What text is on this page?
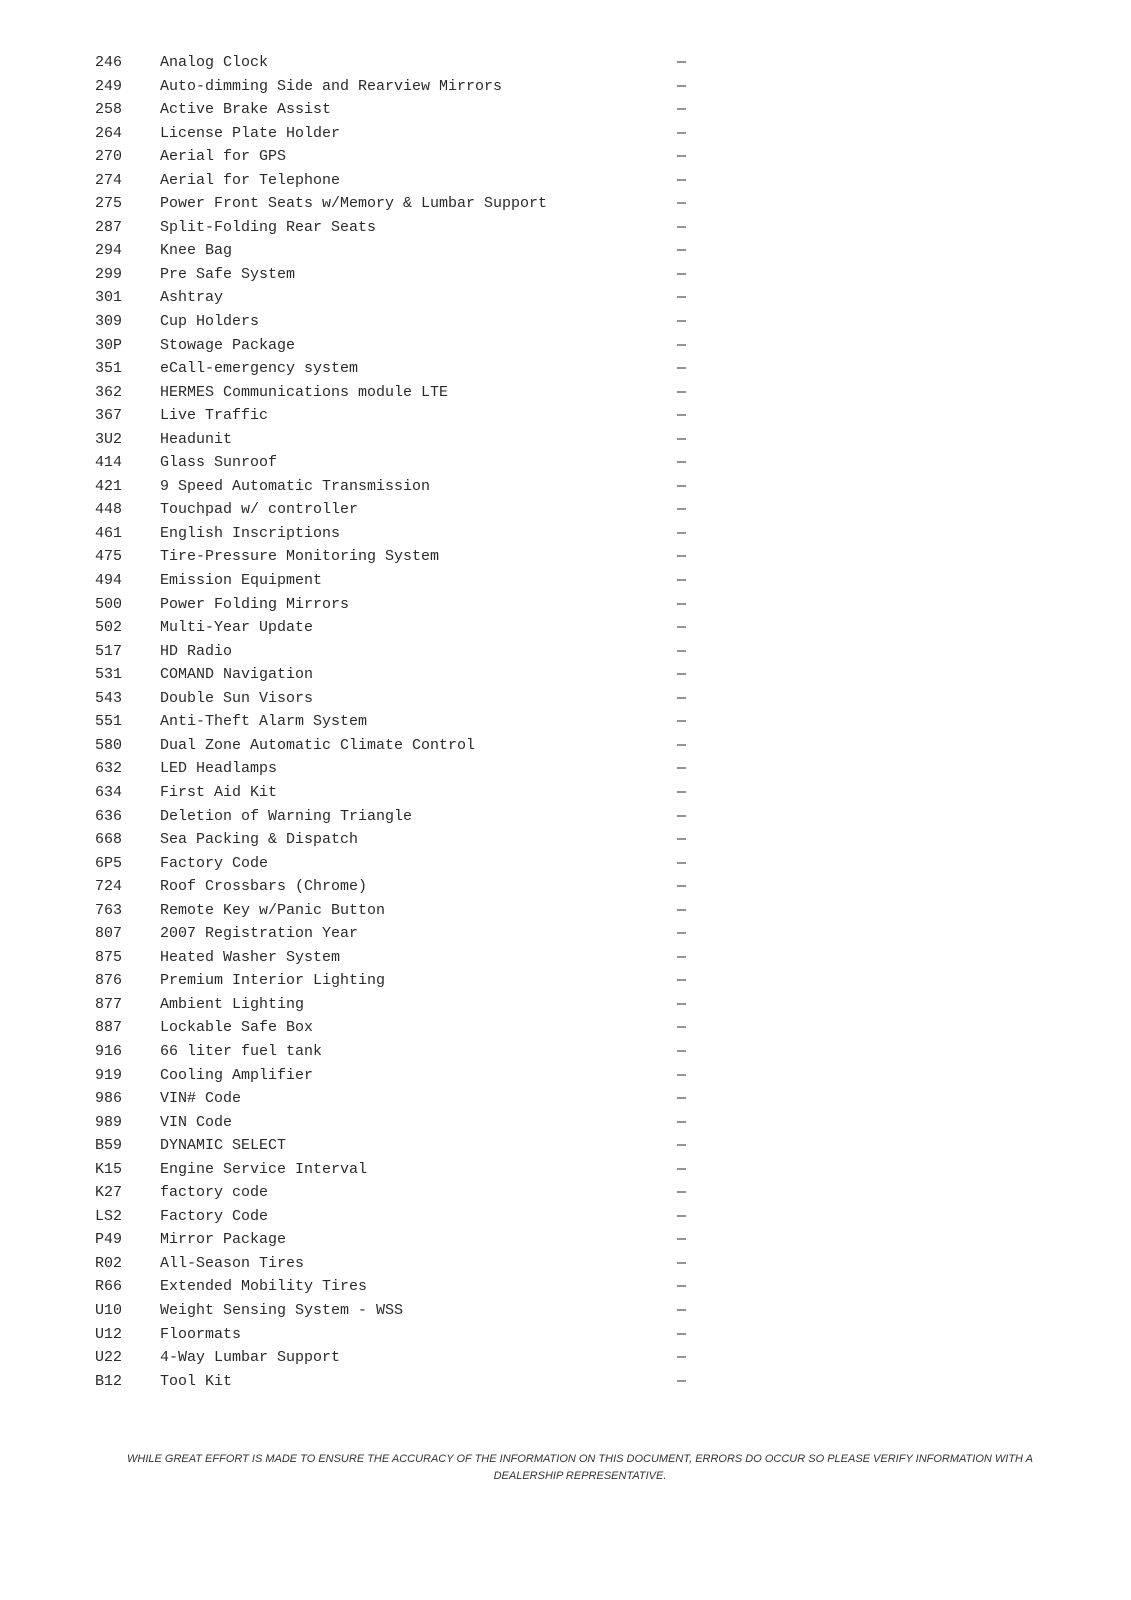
246	Analog Clock	—
249	Auto-dimming Side and Rearview Mirrors	—
258	Active Brake Assist	—
264	License Plate Holder	—
270	Aerial for GPS	—
274	Aerial for Telephone	—
275	Power Front Seats w/Memory & Lumbar Support	—
287	Split-Folding Rear Seats	—
294	Knee Bag	—
299	Pre Safe System	—
301	Ashtray	—
309	Cup Holders	—
30P	Stowage Package	—
351	eCall-emergency system	—
362	HERMES Communications module LTE	—
367	Live Traffic	—
3U2	Headunit	—
414	Glass Sunroof	—
421	9 Speed Automatic Transmission	—
448	Touchpad w/ controller	—
461	English Inscriptions	—
475	Tire-Pressure Monitoring System	—
494	Emission Equipment	—
500	Power Folding Mirrors	—
502	Multi-Year Update	—
517	HD Radio	—
531	COMAND Navigation	—
543	Double Sun Visors	—
551	Anti-Theft Alarm System	—
580	Dual Zone Automatic Climate Control	—
632	LED Headlamps	—
634	First Aid Kit	—
636	Deletion of Warning Triangle	—
668	Sea Packing & Dispatch	—
6P5	Factory Code	—
724	Roof Crossbars (Chrome)	—
763	Remote Key w/Panic Button	—
807	2007 Registration Year	—
875	Heated Washer System	—
876	Premium Interior Lighting	—
877	Ambient Lighting	—
887	Lockable Safe Box	—
916	66 liter fuel tank	—
919	Cooling Amplifier	—
986	VIN# Code	—
989	VIN Code	—
B59	DYNAMIC SELECT	—
K15	Engine Service Interval	—
K27	factory code	—
LS2	Factory Code	—
P49	Mirror Package	—
R02	All-Season Tires	—
R66	Extended Mobility Tires	—
U10	Weight Sensing System - WSS	—
U12	Floormats	—
U22	4-Way Lumbar Support	—
B12	Tool Kit	—
WHILE GREAT EFFORT IS MADE TO ENSURE THE ACCURACY OF THE INFORMATION ON THIS DOCUMENT, ERRORS DO OCCUR SO PLEASE VERIFY INFORMATION WITH A DEALERSHIP REPRESENTATIVE.
